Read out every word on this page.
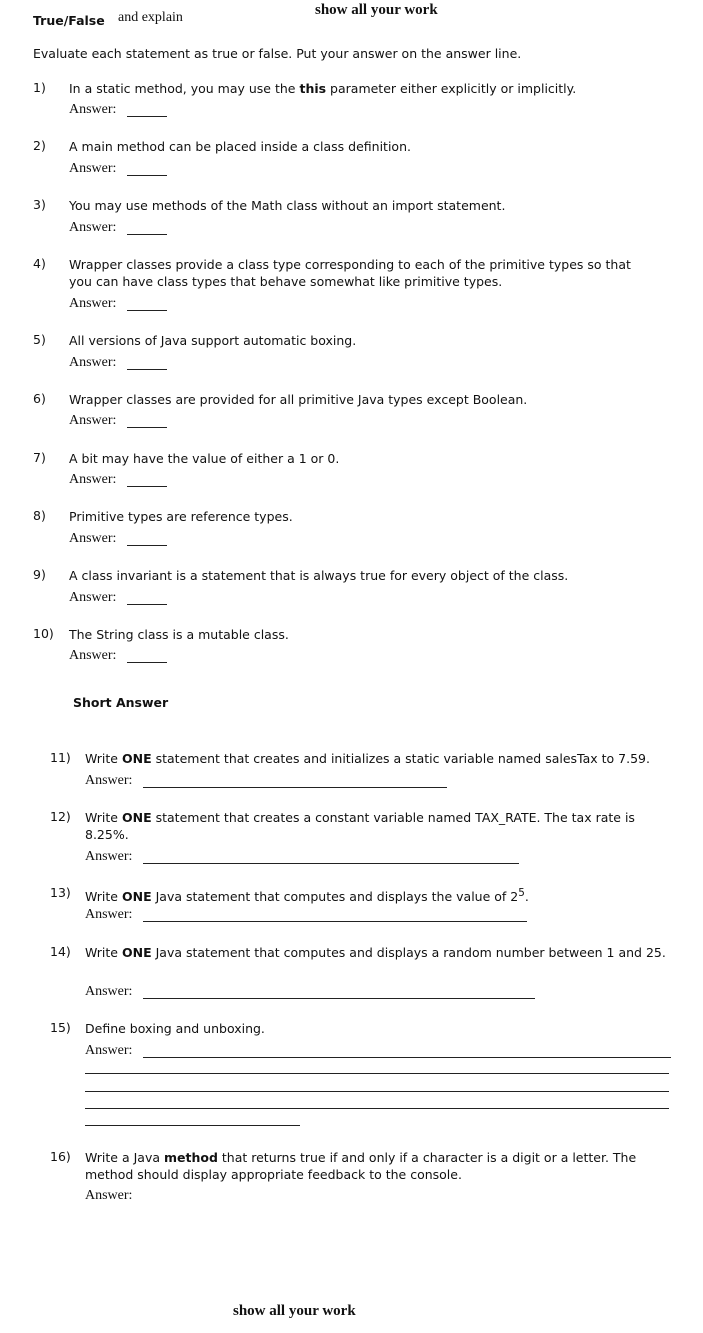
True/False and explain	show all your work
Evaluate each statement as true or false. Put your answer on the answer line.
1) In a static method, you may use the this parameter either explicitly or implicitly.
Answer:
2) A main method can be placed inside a class definition.
Answer:
3) You may use methods of the Math class without an import statement.
Answer:
4) Wrapper classes provide a class type corresponding to each of the primitive types so that you can have class types that behave somewhat like primitive types.
Answer:
5) All versions of Java support automatic boxing.
Answer:
6) Wrapper classes are provided for all primitive Java types except Boolean.
Answer:
7) A bit may have the value of either a 1 or 0.
Answer:
8) Primitive types are reference types.
Answer:
9) A class invariant is a statement that is always true for every object of the class.
Answer:
10) The String class is a mutable class.
Answer:
Short Answer
11) Write ONE statement that creates and initializes a static variable named salesTax to 7.59.
Answer:
12) Write ONE statement that creates a constant variable named TAX_RATE. The tax rate is 8.25%.
Answer:
13) Write ONE Java statement that computes and displays the value of $2^5$.
Answer:
14) Write ONE Java statement that computes and displays a random number between 1 and 25.
Answer:
15) Define boxing and unboxing.
Answer:
16) Write a Java method that returns true if and only if a character is a digit or a letter. The method should display appropriate feedback to the console.
Answer:
show all your work
